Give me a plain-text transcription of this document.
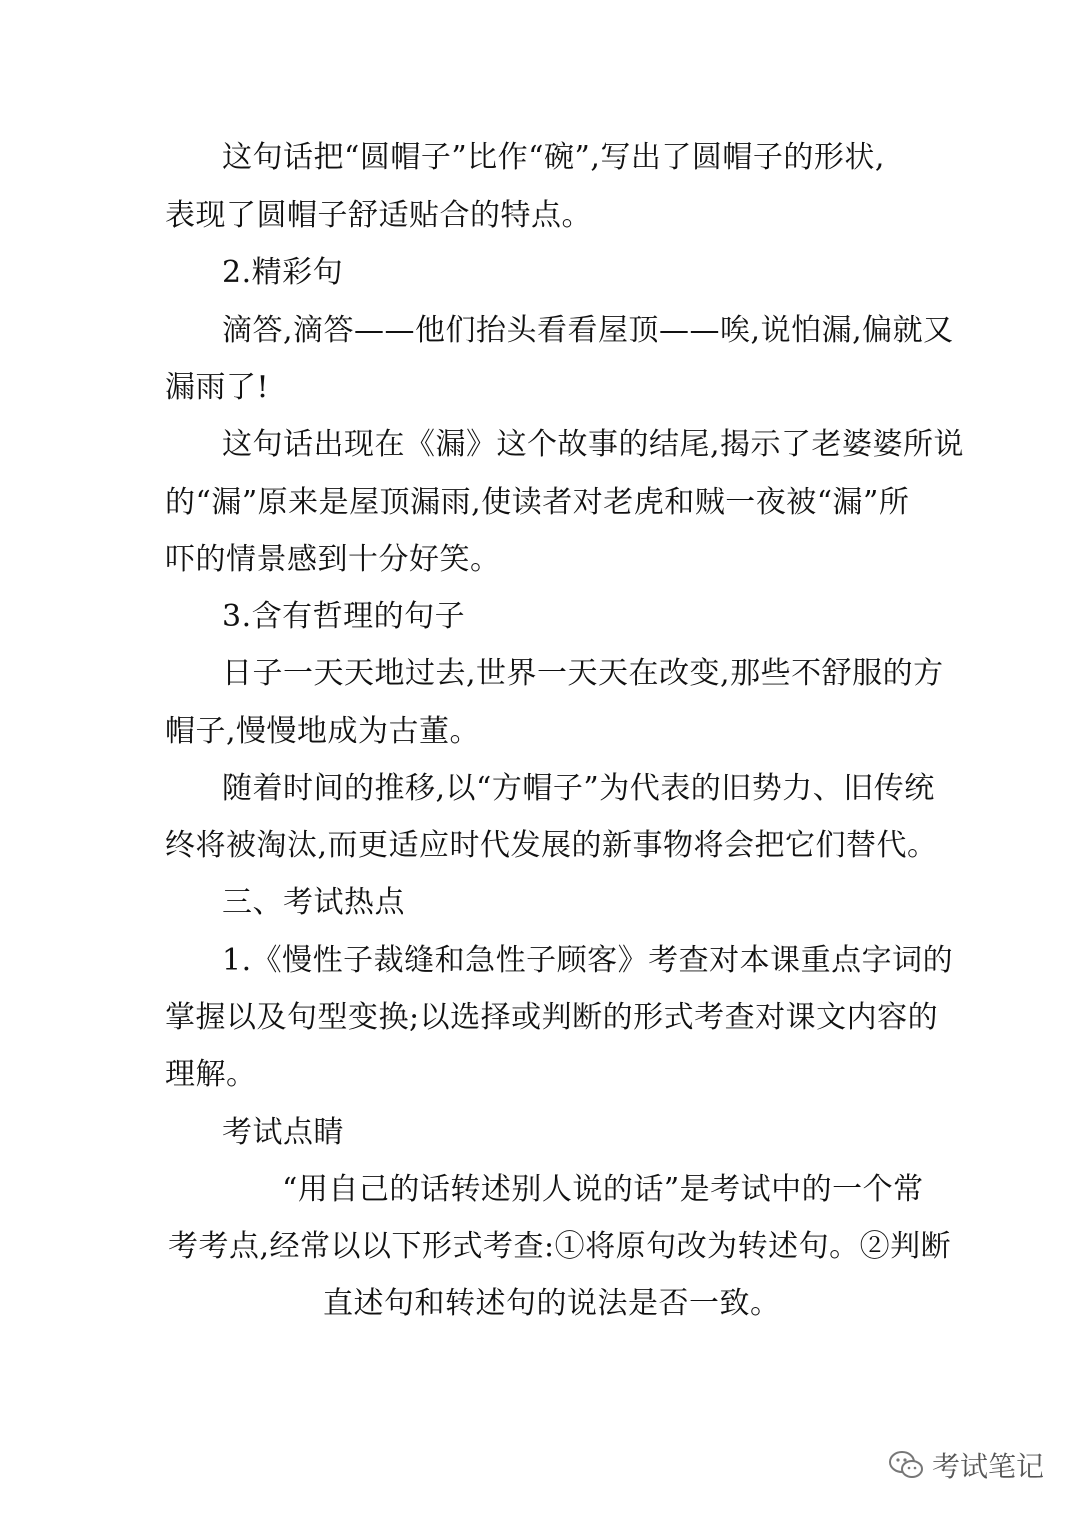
这句话把“圆帽子”比作“碗”,写出了圆帽子的形状,
表现了圆帽子舒适贴合的特点。
2.精彩句
滴答,滴答——他们抬头看看屋顶——唉,说怕漏,偏就又
漏雨了!
这句话出现在《漏》这个故事的结尾,揭示了老婆婆所说
的“漏”原来是屋顶漏雨,使读者对老虎和贼一夜被“漏”所
吓的情景感到十分好笑。
3.含有哲理的句子
日子一天天地过去,世界一天天在改变,那些不舒服的方
帽子,慢慢地成为古董。
随着时间的推移,以“方帽子”为代表的旧势力、旧传统
终将被淘汰,而更适应时代发展的新事物将会把它们替代。
三、考试热点
1.《慢性子裁缝和急性子顾客》考查对本课重点字词的
掌握以及句型变换;以选择或判断的形式考查对课文内容的
理解。
考试点睛
“用自己的话转述别人说的话”是考试中的一个常
考考点,经常以以下形式考查:①将原句改为转述句。②判断
直述句和转述句的说法是否一致。
考试笔记
